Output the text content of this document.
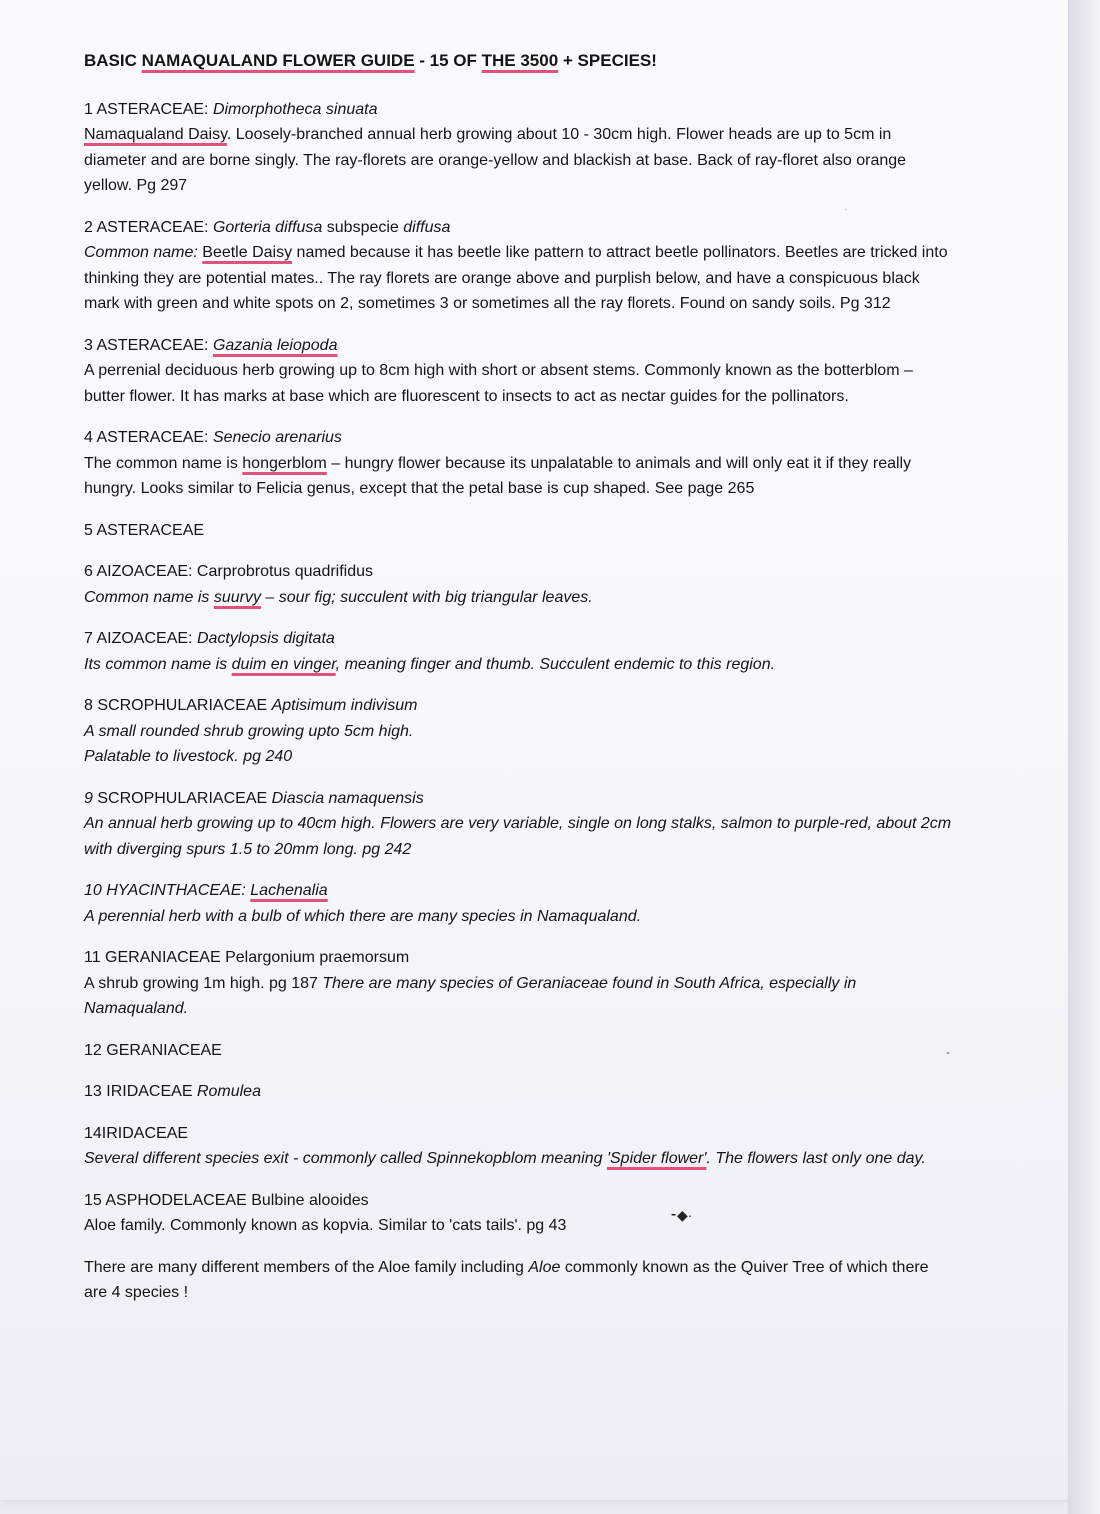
BASIC NAMAQUALAND FLOWER GUIDE - 15 OF THE 3500 + SPECIES!

1 ASTERACEAE: Dimorphotheca sinuata

Namaqualand Daisy. Loosely-branched annual herb growing about 10 - 30cm high. Flower heads are up to 5cm in diameter and are borne singly. The ray-florets are orange-yellow and blackish at base. Back of ray-floret also orange yellow. Pg 297

2 ASTERACEAE: Gorteria diffusa subspecie diffusa

Common name: Beetle Daisy named because it has beetle like pattern to attract beetle pollinators. Beetles are tricked into thinking they are potential mates.. The ray florets are orange above and purplish below, and have a conspicuous black mark with green and white spots on 2, sometimes 3 or sometimes all the ray florets. Found on sandy soils. Pg 312

3 ASTERACEAE: Gazania leiopoda

A perrenial deciduous herb growing up to 8cm high with short or absent stems. Commonly known as the botterblom – butter flower. It has marks at base which are fluorescent to insects to act as nectar guides for the pollinators.

4 ASTERACEAE: Senecio arenarius

The common name is hongerblom – hungry flower because its unpalatable to animals and will only eat it if they really hungry. Looks similar to Felicia genus, except that the petal base is cup shaped. See page 265

5 ASTERACEAE

6 AIZOACEAE: Carprobrotus quadrifidus

Common name is suurvy – sour fig; succulent with big triangular leaves.

7 AIZOACEAE: Dactylopsis digitata

Its common name is duim en vinger, meaning finger and thumb. Succulent endemic to this region.

8 SCROPHULARIACEAE Aptisimum indivisum

A small rounded shrub growing upto 5cm high.

Palatable to livestock. pg 240

9 SCROPHULARIACEAE Diascia namaquensis

An annual herb growing up to 40cm high. Flowers are very variable, single on long stalks, salmon to purple-red, about 2cm with diverging spurs 1.5 to 20mm long. pg 242

10 HYACINTHACEAE: Lachenalia

A perennial herb with a bulb of which there are many species in Namaqualand.

11 GERANIACEAE Pelargonium praemorsum

A shrub growing 1m high. pg 187 There are many species of Geraniaceae found in South Africa, especially in Namaqualand.

12 GERANIACEAE

13 IRIDACEAE Romulea

14IRIDACEAE

Several different species exit - commonly called Spinnekopblom meaning 'Spider flower'. The flowers last only one day.

15 ASPHODELACEAE Bulbine alooides

Aloe family. Commonly known as kopvia. Similar to 'cats tails'. pg 43

There are many different members of the Aloe family including Aloe commonly known as the Quiver Tree of which there are 4 species !

⁃◆·
-
·
